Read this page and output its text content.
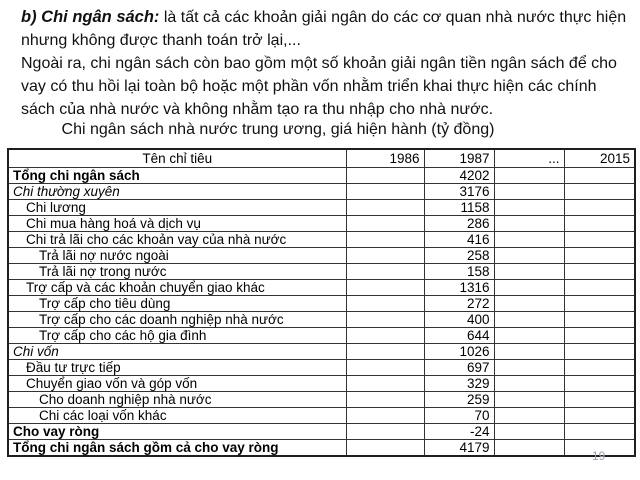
b) Chi ngân sách: là tất cả các khoản giải ngân do các cơ quan nhà nước thực hiện
nhưng không được thanh toán trở lại,...
Ngoài ra, chi ngân sách còn bao gồm một số khoản giải ngân tiền ngân sách để cho
vay có thu hồi lại toàn bộ hoặc một phần vốn nhằm triển khai thực hiện các chính
sách của nhà nước và không nhằm tạo ra thu nhập cho nhà nước.
Chi ngân sách nhà nước trung ương, giá hiện hành (tỷ đồng)
Tên chỉ tiêu	1986	1987	...	2015
Tổng chi ngân sách		4202		
Chi thường xuyên		3176		
Chi lương		1158		
Chi mua hàng hoá và dịch vụ		286		
Chi trả lãi cho các khoản vay của nhà nước		416		
Trả lãi nợ nước ngoài		258		
Trả lãi nợ trong nước		158		
Trợ cấp và các khoản chuyển giao khác		1316		
Trợ cấp cho tiêu dùng		272		
Trợ cấp cho các doanh nghiệp nhà nước		400		
Trợ cấp cho các hộ gia đình		644		
Chi vốn		1026		
Đầu tư trực tiếp		697		
Chuyển giao vốn và góp vốn		329		
Cho doanh nghiệp nhà nước		259		
Chi các loại vốn khác		70		
Cho vay ròng		-24		
Tổng chi ngân sách gồm cả cho vay ròng		4179		
19
